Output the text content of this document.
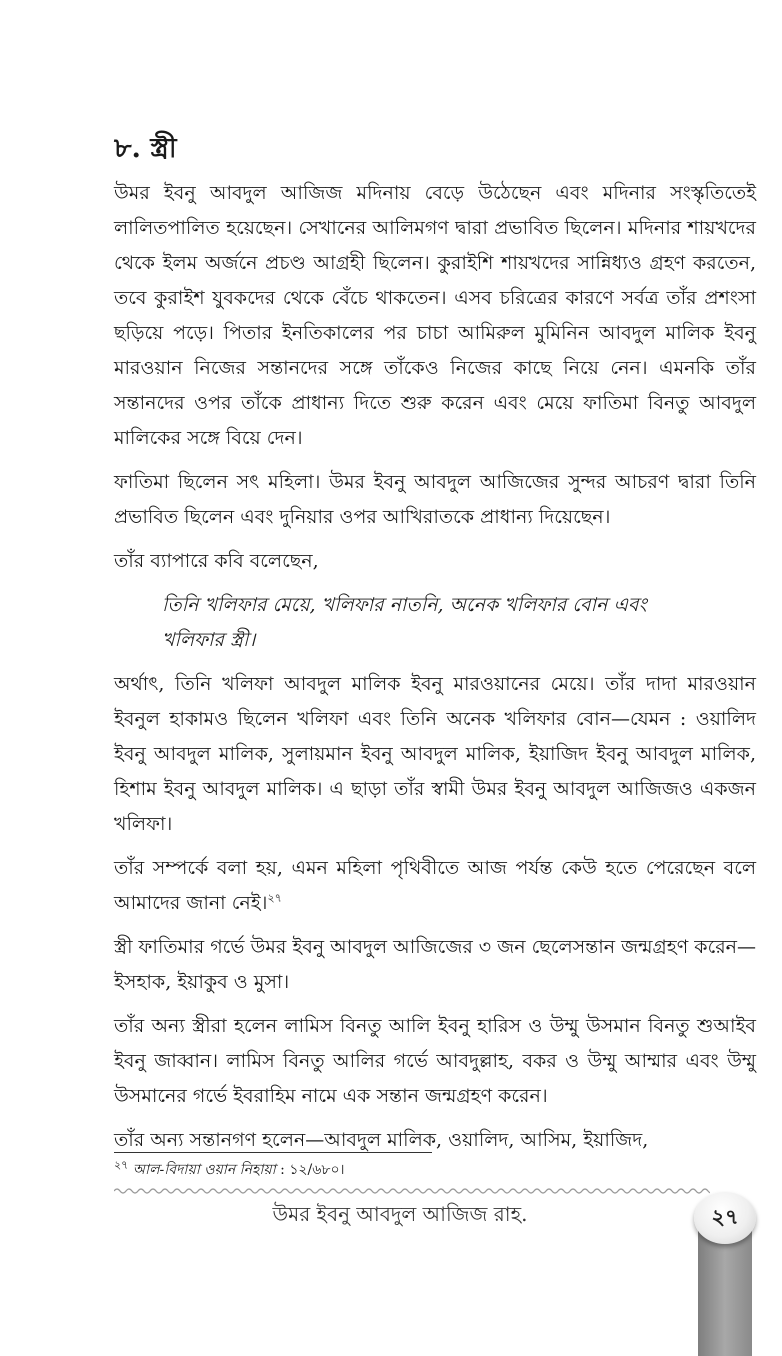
৮. স্ত্রী

উমর ইবনু আবদুল আজিজ মদিনায় বেড়ে উঠেছেন এবং মদিনার সংস্কৃতিতেই লালিতপালিত হয়েছেন। সেখানের আলিমগণ দ্বারা প্রভাবিত ছিলেন। মদিনার শায়খদের থেকে ইলম অর্জনে প্রচণ্ড আগ্রহী ছিলেন। কুরাইশি শায়খদের সান্নিধ্যও গ্রহণ করতেন, তবে কুরাইশ যুবকদের থেকে বেঁচে থাকতেন। এসব চরিত্রের কারণে সর্বত্র তাঁর প্রশংসা ছড়িয়ে পড়ে। পিতার ইনতিকালের পর চাচা আমিরুল মুমিনিন আবদুল মালিক ইবনু মারওয়ান নিজের সন্তানদের সঙ্গে তাঁকেও নিজের কাছে নিয়ে নেন। এমনকি তাঁর সন্তানদের ওপর তাঁকে প্রাধান্য দিতে শুরু করেন এবং মেয়ে ফাতিমা বিনতু আবদুল মালিকের সঙ্গে বিয়ে দেন।

ফাতিমা ছিলেন সৎ মহিলা। উমর ইবনু আবদুল আজিজের সুন্দর আচরণ দ্বারা তিনি প্রভাবিত ছিলেন এবং দুনিয়ার ওপর আখিরাতকে প্রাধান্য দিয়েছেন।

তাঁর ব্যাপারে কবি বলেছেন,

তিনি খলিফার মেয়ে, খলিফার নাতনি, অনেক খলিফার বোন এবং খলিফার স্ত্রী।

অর্থাৎ, তিনি খলিফা আবদুল মালিক ইবনু মারওয়ানের মেয়ে। তাঁর দাদা মারওয়ান ইবনুল হাকামও ছিলেন খলিফা এবং তিনি অনেক খলিফার বোন—যেমন : ওয়ালিদ ইবনু আবদুল মালিক, সুলায়মান ইবনু আবদুল মালিক, ইয়াজিদ ইবনু আবদুল মালিক, হিশাম ইবনু আবদুল মালিক। এ ছাড়া তাঁর স্বামী উমর ইবনু আবদুল আজিজও একজন খলিফা।

তাঁর সম্পর্কে বলা হয়, এমন মহিলা পৃথিবীতে আজ পর্যন্ত কেউ হতে পেরেছেন বলে আমাদের জানা নেই।$^{২৭}$

স্ত্রী ফাতিমার গর্ভে উমর ইবনু আবদুল আজিজের ৩ জন ছেলেসন্তান জন্মগ্রহণ করেন—ইসহাক, ইয়াকুব ও মুসা।

তাঁর অন্য স্ত্রীরা হলেন লামিস বিনতু আলি ইবনু হারিস ও উম্মু উসমান বিনতু শুআইব ইবনু জাব্বান। লামিস বিনতু আলির গর্ভে আবদুল্লাহ, বকর ও উম্মু আম্মার এবং উম্মু উসমানের গর্ভে ইবরাহিম নামে এক সন্তান জন্মগ্রহণ করেন।

তাঁর অন্য সন্তানগণ হলেন—আবদুল মালিক, ওয়ালিদ, আসিম, ইয়াজিদ,

$^{২৭}$ আল-বিদায়া ওয়ান নিহায়া : ১২/৬৮০।
উমর ইবনু আবদুল আজিজ রাহ.	২৭
